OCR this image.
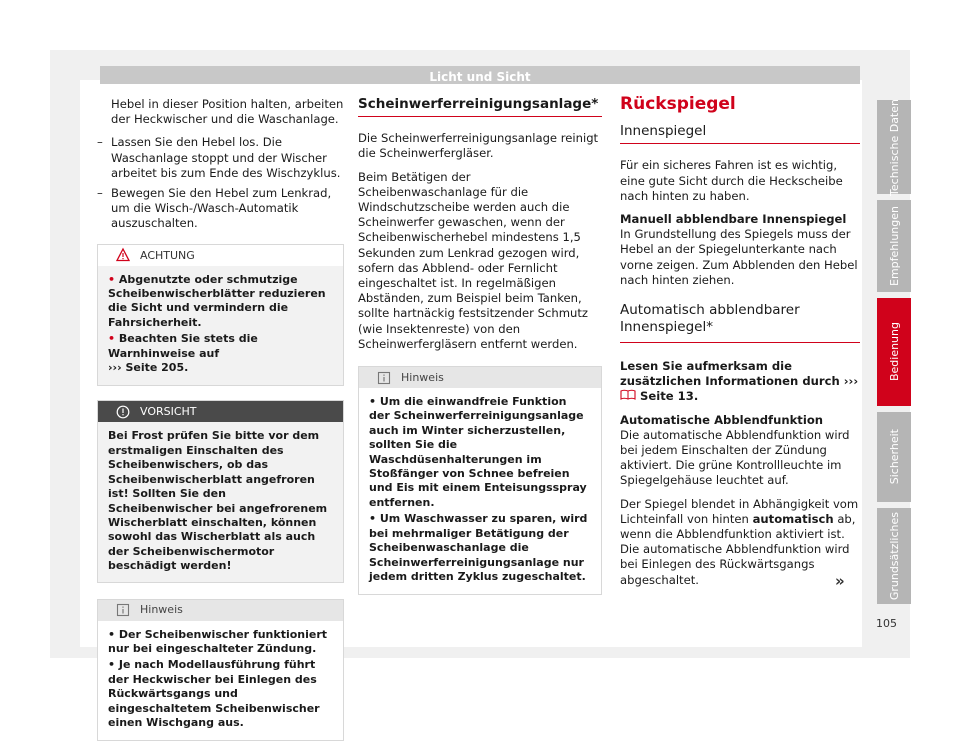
Licht und Sicht
Hebel in dieser Position halten, arbeiten der Heckwischer und die Waschanlage.
– Lassen Sie den Hebel los. Die Waschanlage stoppt und der Wischer arbeitet bis zum Ende des Wischzyklus.
– Bewegen Sie den Hebel zum Lenkrad, um die Wisch-/Wasch-Automatik auszuschalten.
ACHTUNG
• Abgenutzte oder schmutzige Scheibenwischerblätter reduzieren die Sicht und vermindern die Fahrsicherheit.
• Beachten Sie stets die Warnhinweise auf
››› Seite 205.
VORSICHT
Bei Frost prüfen Sie bitte vor dem erstmaligen Einschalten des Scheibenwischers, ob das Scheibenwischerblatt angefroren ist! Sollten Sie den Scheibenwischer bei angefrorenem Wischerblatt einschalten, können sowohl das Wischerblatt als auch der Scheibenwischermotor beschädigt werden!
Hinweis
• Der Scheibenwischer funktioniert nur bei eingeschalteter Zündung.
• Je nach Modellausführung führt der Heckwischer bei Einlegen des Rückwärtsgangs und eingeschaltetem Scheibenwischer einen Wischgang aus.
Scheinwerferreinigungsanlage*
Die Scheinwerferreinigungsanlage reinigt die Scheinwerfergläser.
Beim Betätigen der Scheibenwaschanlage für die Windschutzscheibe werden auch die Scheinwerfer gewaschen, wenn der Scheibenwischerhebel mindestens 1,5 Sekunden zum Lenkrad gezogen wird, sofern das Abblend- oder Fernlicht eingeschaltet ist. In regelmäßigen Abständen, zum Beispiel beim Tanken, sollte hartnäckig festsitzender Schmutz (wie Insektenreste) von den Scheinwerfergläsern entfernt werden.
Hinweis
• Um die einwandfreie Funktion der Scheinwerferreinigungsanlage auch im Winter sicherzustellen, sollten Sie die Waschdüsenhalterungen im Stoßfänger von Schnee befreien und Eis mit einem Enteisungsspray entfernen.
• Um Waschwasser zu sparen, wird bei mehrmaliger Betätigung der Scheibenwaschanlage die Scheinwerferreinigungsanlage nur jedem dritten Zyklus zugeschaltet.
Rückspiegel
Innenspiegel
Für ein sicheres Fahren ist es wichtig, eine gute Sicht durch die Heckscheibe nach hinten zu haben.
Manuell abblendbare Innenspiegel
In Grundstellung des Spiegels muss der Hebel an der Spiegelunterkante nach vorne zeigen. Zum Abblenden den Hebel nach hinten ziehen.
Automatisch abblendbarer Innenspiegel*
Lesen Sie aufmerksam die zusätzlichen Informationen durch ›››  Seite 13.
Automatische Abblendfunktion
Die automatische Abblendfunktion wird bei jedem Einschalten der Zündung aktiviert. Die grüne Kontrollleuchte im Spiegelgehäuse leuchtet auf.
Der Spiegel blendet in Abhängigkeit vom Lichteinfall von hinten automatisch ab, wenn die Abblendfunktion aktiviert ist. Die automatische Abblendfunktion wird bei Einlegen des Rückwärtsgangs abgeschaltet.	»
Technische Daten
Empfehlungen
Bedienung
Sicherheit
Grundsätzliches
105
